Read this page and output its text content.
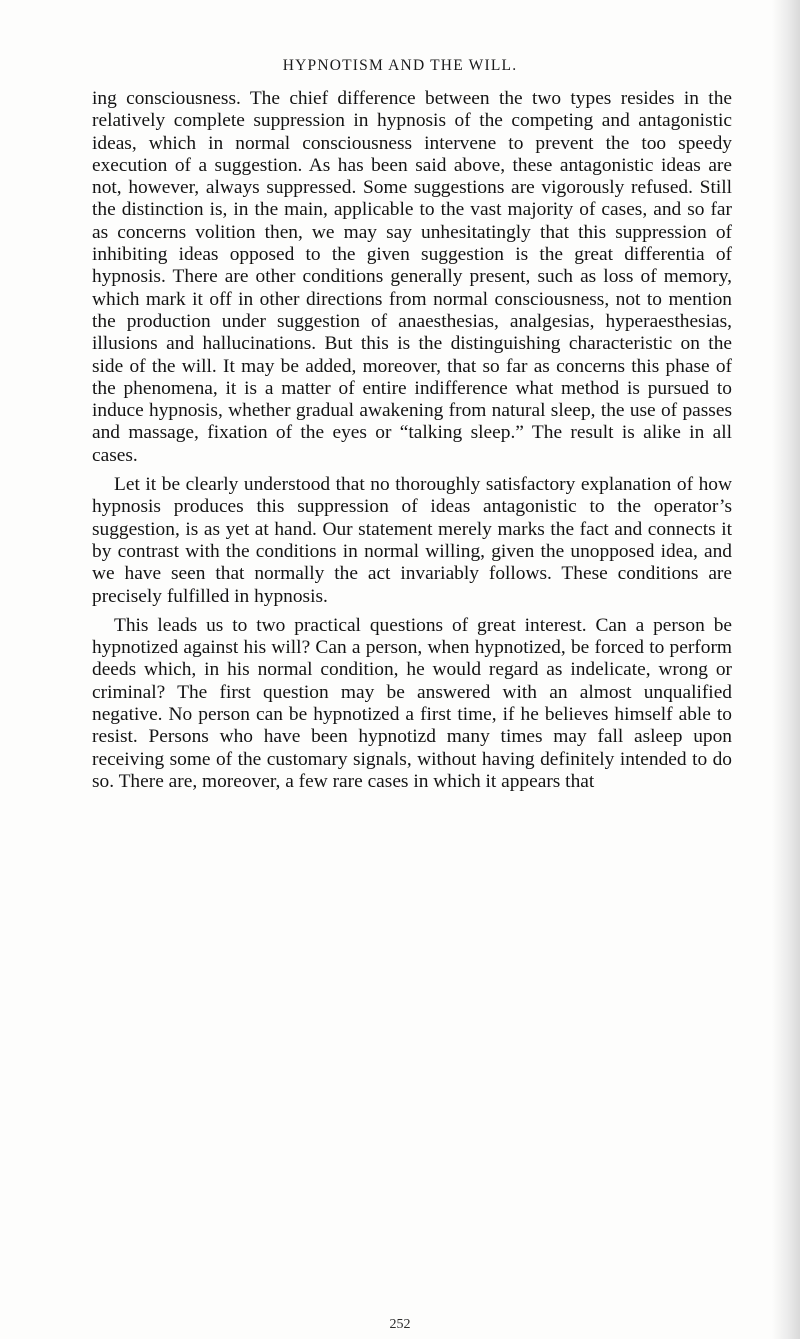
HYPNOTISM AND THE WILL.

ing consciousness. The chief difference between the two types resides in the relatively complete suppression in hypnosis of the competing and antagonistic ideas, which in normal consciousness intervene to prevent the too speedy execution of a suggestion. As has been said above, these antagonistic ideas are not, however, always suppressed. Some suggestions are vigorously refused. Still the distinction is, in the main, applicable to the vast majority of cases, and so far as concerns volition then, we may say unhesitatingly that this suppression of inhibiting ideas opposed to the given suggestion is the great differentia of hypnosis. There are other conditions generally present, such as loss of memory, which mark it off in other directions from normal consciousness, not to mention the production under suggestion of anaesthesias, analgesias, hyperaesthesias, illusions and hallucinations. But this is the distinguishing characteristic on the side of the will. It may be added, moreover, that so far as concerns this phase of the phenomena, it is a matter of entire indifference what method is pursued to induce hypnosis, whether gradual awakening from natural sleep, the use of passes and massage, fixation of the eyes or “talking sleep.” The result is alike in all cases.

Let it be clearly understood that no thoroughly satisfactory explanation of how hypnosis produces this suppression of ideas antagonistic to the operator’s suggestion, is as yet at hand. Our statement merely marks the fact and connects it by contrast with the conditions in normal willing, given the unopposed idea, and we have seen that normally the act invariably follows. These conditions are precisely fulfilled in hypnosis.

This leads us to two practical questions of great interest. Can a person be hypnotized against his will? Can a person, when hypnotized, be forced to perform deeds which, in his normal condition, he would regard as indelicate, wrong or criminal? The first question may be answered with an almost unqualified negative. No person can be hypnotized a first time, if he believes himself able to resist. Persons who have been hypnotizd many times may fall asleep upon receiving some of the customary signals, without having definitely intended to do so. There are, moreover, a few rare cases in which it appears that

252
